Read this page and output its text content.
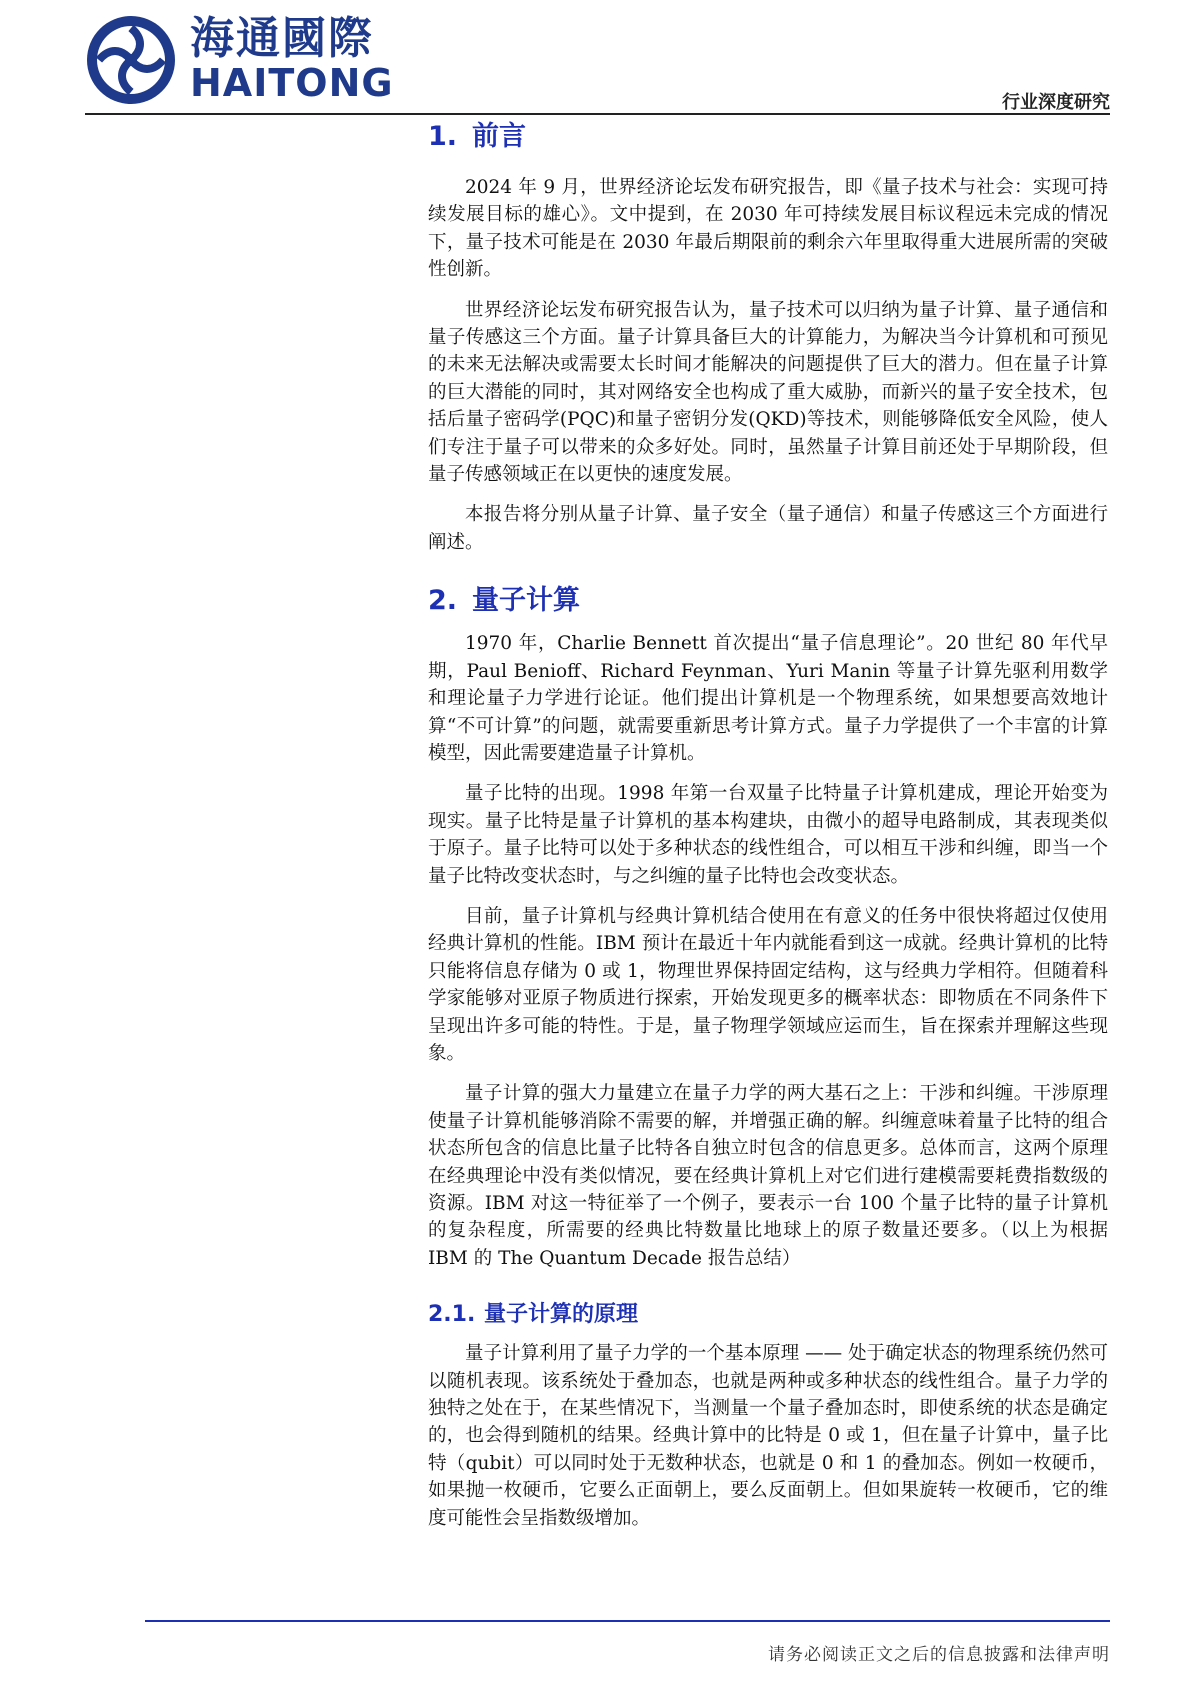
海通國際
HAITONG	行业深度研究
1. 前言

2024 年 9 月，世界经济论坛发布研究报告，即《量子技术与社会：实现可持续发展目标的雄心》。文中提到，在 2030 年可持续发展目标议程远未完成的情况下，量子技术可能是在 2030 年最后期限前的剩余六年里取得重大进展所需的突破性创新。

世界经济论坛发布研究报告认为，量子技术可以归纳为量子计算、量子通信和量子传感这三个方面。量子计算具备巨大的计算能力，为解决当今计算机和可预见的未来无法解决或需要太长时间才能解决的问题提供了巨大的潜力。但在量子计算的巨大潜能的同时，其对网络安全也构成了重大威胁，而新兴的量子安全技术，包括后量子密码学(PQC)和量子密钥分发(QKD)等技术，则能够降低安全风险，使人们专注于量子可以带来的众多好处。同时，虽然量子计算目前还处于早期阶段，但量子传感领域正在以更快的速度发展。

本报告将分别从量子计算、量子安全（量子通信）和量子传感这三个方面进行阐述。

2. 量子计算

1970 年，Charlie Bennett 首次提出“量子信息理论”。20 世纪 80 年代早期，Paul Benioff、Richard Feynman、Yuri Manin 等量子计算先驱利用数学和理论量子力学进行论证。他们提出计算机是一个物理系统，如果想要高效地计算“不可计算”的问题，就需要重新思考计算方式。量子力学提供了一个丰富的计算模型，因此需要建造量子计算机。

量子比特的出现。1998 年第一台双量子比特量子计算机建成，理论开始变为现实。量子比特是量子计算机的基本构建块，由微小的超导电路制成，其表现类似于原子。量子比特可以处于多种状态的线性组合，可以相互干涉和纠缠，即当一个量子比特改变状态时，与之纠缠的量子比特也会改变状态。

目前，量子计算机与经典计算机结合使用在有意义的任务中很快将超过仅使用经典计算机的性能。IBM 预计在最近十年内就能看到这一成就。经典计算机的比特只能将信息存储为 0 或 1，物理世界保持固定结构，这与经典力学相符。但随着科学家能够对亚原子物质进行探索，开始发现更多的概率状态：即物质在不同条件下呈现出许多可能的特性。于是，量子物理学领域应运而生，旨在探索并理解这些现象。

量子计算的强大力量建立在量子力学的两大基石之上：干涉和纠缠。干涉原理使量子计算机能够消除不需要的解，并增强正确的解。纠缠意味着量子比特的组合状态所包含的信息比量子比特各自独立时包含的信息更多。总体而言，这两个原理在经典理论中没有类似情况，要在经典计算机上对它们进行建模需要耗费指数级的资源。IBM 对这一特征举了一个例子，要表示一台 100 个量子比特的量子计算机的复杂程度，所需要的经典比特数量比地球上的原子数量还要多。（以上为根据 IBM 的 The Quantum Decade 报告总结）

2.1. 量子计算的原理

量子计算利用了量子力学的一个基本原理 —— 处于确定状态的物理系统仍然可以随机表现。该系统处于叠加态，也就是两种或多种状态的线性组合。量子力学的独特之处在于，在某些情况下，当测量一个量子叠加态时，即使系统的状态是确定的，也会得到随机的结果。经典计算中的比特是 0 或 1，但在量子计算中，量子比特（qubit）可以同时处于无数种状态，也就是 0 和 1 的叠加态。例如一枚硬币，如果抛一枚硬币，它要么正面朝上，要么反面朝上。但如果旋转一枚硬币，它的维度可能性会呈指数级增加。

请务必阅读正文之后的信息披露和法律声明
